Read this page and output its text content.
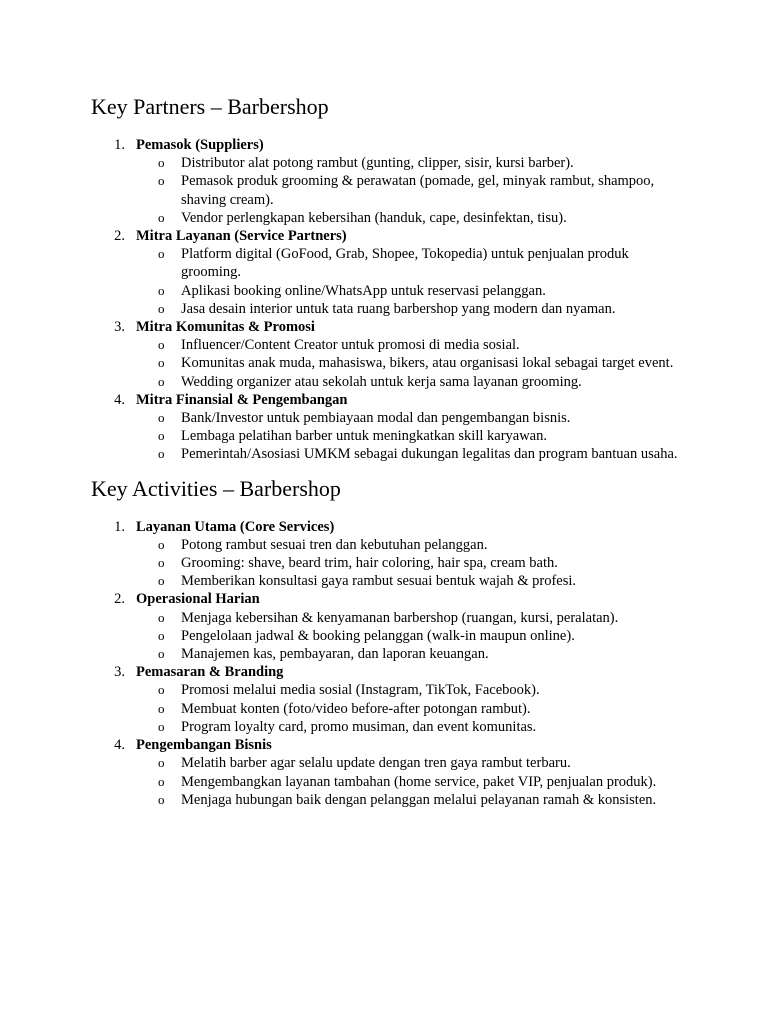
Key Partners – Barbershop
1. Pemasok (Suppliers)
o Distributor alat potong rambut (gunting, clipper, sisir, kursi barber).
o Pemasok produk grooming & perawatan (pomade, gel, minyak rambut, shampoo, shaving cream).
o Vendor perlengkapan kebersihan (handuk, cape, desinfektan, tisu).
2. Mitra Layanan (Service Partners)
o Platform digital (GoFood, Grab, Shopee, Tokopedia) untuk penjualan produk grooming.
o Aplikasi booking online/WhatsApp untuk reservasi pelanggan.
o Jasa desain interior untuk tata ruang barbershop yang modern dan nyaman.
3. Mitra Komunitas & Promosi
o Influencer/Content Creator untuk promosi di media sosial.
o Komunitas anak muda, mahasiswa, bikers, atau organisasi lokal sebagai target event.
o Wedding organizer atau sekolah untuk kerja sama layanan grooming.
4. Mitra Finansial & Pengembangan
o Bank/Investor untuk pembiayaan modal dan pengembangan bisnis.
o Lembaga pelatihan barber untuk meningkatkan skill karyawan.
o Pemerintah/Asosiasi UMKM sebagai dukungan legalitas dan program bantuan usaha.
Key Activities – Barbershop
1. Layanan Utama (Core Services)
o Potong rambut sesuai tren dan kebutuhan pelanggan.
o Grooming: shave, beard trim, hair coloring, hair spa, cream bath.
o Memberikan konsultasi gaya rambut sesuai bentuk wajah & profesi.
2. Operasional Harian
o Menjaga kebersihan & kenyamanan barbershop (ruangan, kursi, peralatan).
o Pengelolaan jadwal & booking pelanggan (walk-in maupun online).
o Manajemen kas, pembayaran, dan laporan keuangan.
3. Pemasaran & Branding
o Promosi melalui media sosial (Instagram, TikTok, Facebook).
o Membuat konten (foto/video before-after potongan rambut).
o Program loyalty card, promo musiman, dan event komunitas.
4. Pengembangan Bisnis
o Melatih barber agar selalu update dengan tren gaya rambut terbaru.
o Mengembangkan layanan tambahan (home service, paket VIP, penjualan produk).
o Menjaga hubungan baik dengan pelanggan melalui pelayanan ramah & konsisten.
